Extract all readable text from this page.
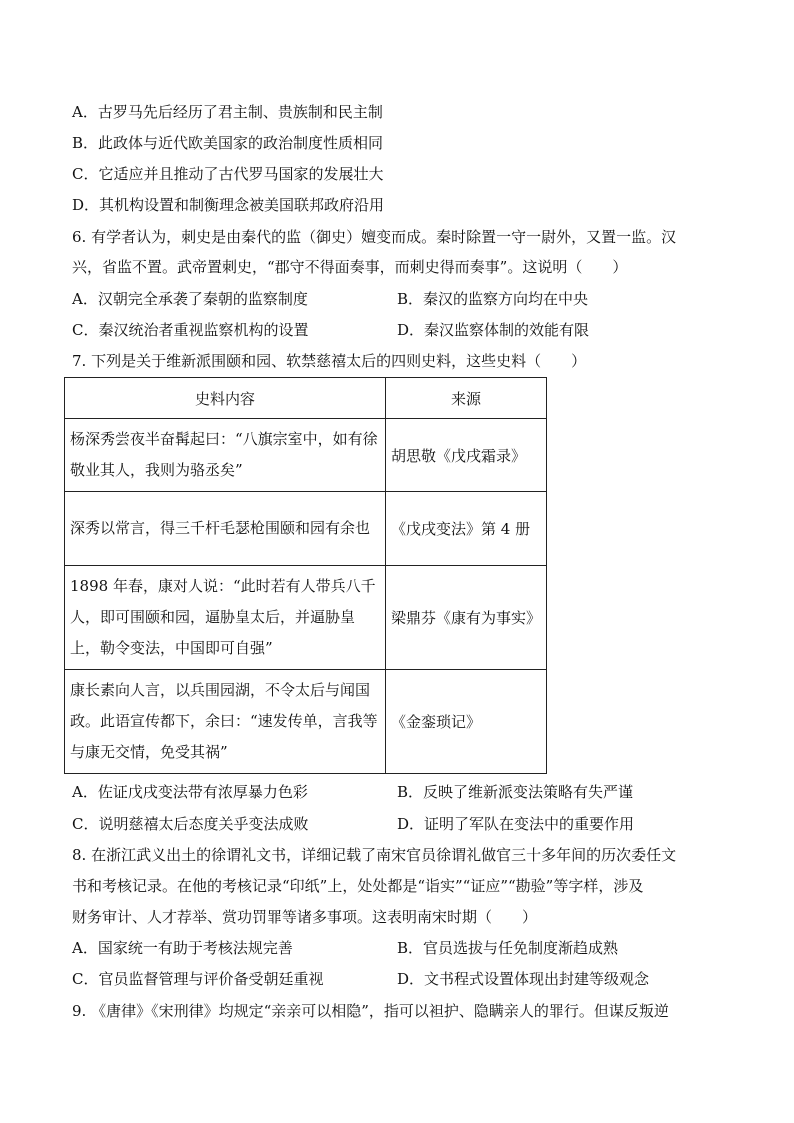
A．古罗马先后经历了君主制、贵族制和民主制
B．此政体与近代欧美国家的政治制度性质相同
C．它适应并且推动了古代罗马国家的发展壮大
D．其机构设置和制衡理念被美国联邦政府沿用
6. 有学者认为，刺史是由秦代的监（御史）嬗变而成。秦时除置一守一尉外，又置一监。汉
兴，省监不置。武帝置刺史，“郡守不得面奏事，而刺史得而奏事”。这说明（　　）
A．汉朝完全承袭了秦朝的监察制度	B．秦汉的监察方向均在中央
C．秦汉统治者重视监察机构的设置	D．秦汉监察体制的效能有限
7. 下列是关于维新派围颐和园、软禁慈禧太后的四则史料，这些史料（　　）
史料内容	来源
杨深秀尝夜半奋髯起曰：“八旗宗室中，如有徐敬业其人，我则为骆丞矣”	胡思敬《戊戌霜录》
深秀以常言，得三千杆毛瑟枪围颐和园有余也	《戊戌变法》第 4 册
1898 年春，康对人说：“此时若有人带兵八千人，即可围颐和园，逼胁皇太后，并逼胁皇上，勒令变法，中国即可自强”	梁鼎芬《康有为事实》
康长素向人言，以兵围园湖，不令太后与闻国政。此语宣传都下，余曰：“速发传单，言我等与康无交情，免受其祸”	《金銮琐记》
A．佐证戊戌变法带有浓厚暴力色彩	B．反映了维新派变法策略有失严谨
C．说明慈禧太后态度关乎变法成败	D．证明了军队在变法中的重要作用
8. 在浙江武义出土的徐谓礼文书，详细记载了南宋官员徐谓礼做官三十多年间的历次委任文
书和考核记录。在他的考核记录“印纸”上，处处都是“诣实”“证应”“勘验”等字样，涉及
财务审计、人才荐举、赏功罚罪等诸多事项。这表明南宋时期（　　）
A．国家统一有助于考核法规完善	B．官员选拔与任免制度渐趋成熟
C．官员监督管理与评价备受朝廷重视	D．文书程式设置体现出封建等级观念
9. 《唐律》《宋刑律》均规定“亲亲可以相隐”，指可以袒护、隐瞒亲人的罪行。但谋反叛逆
